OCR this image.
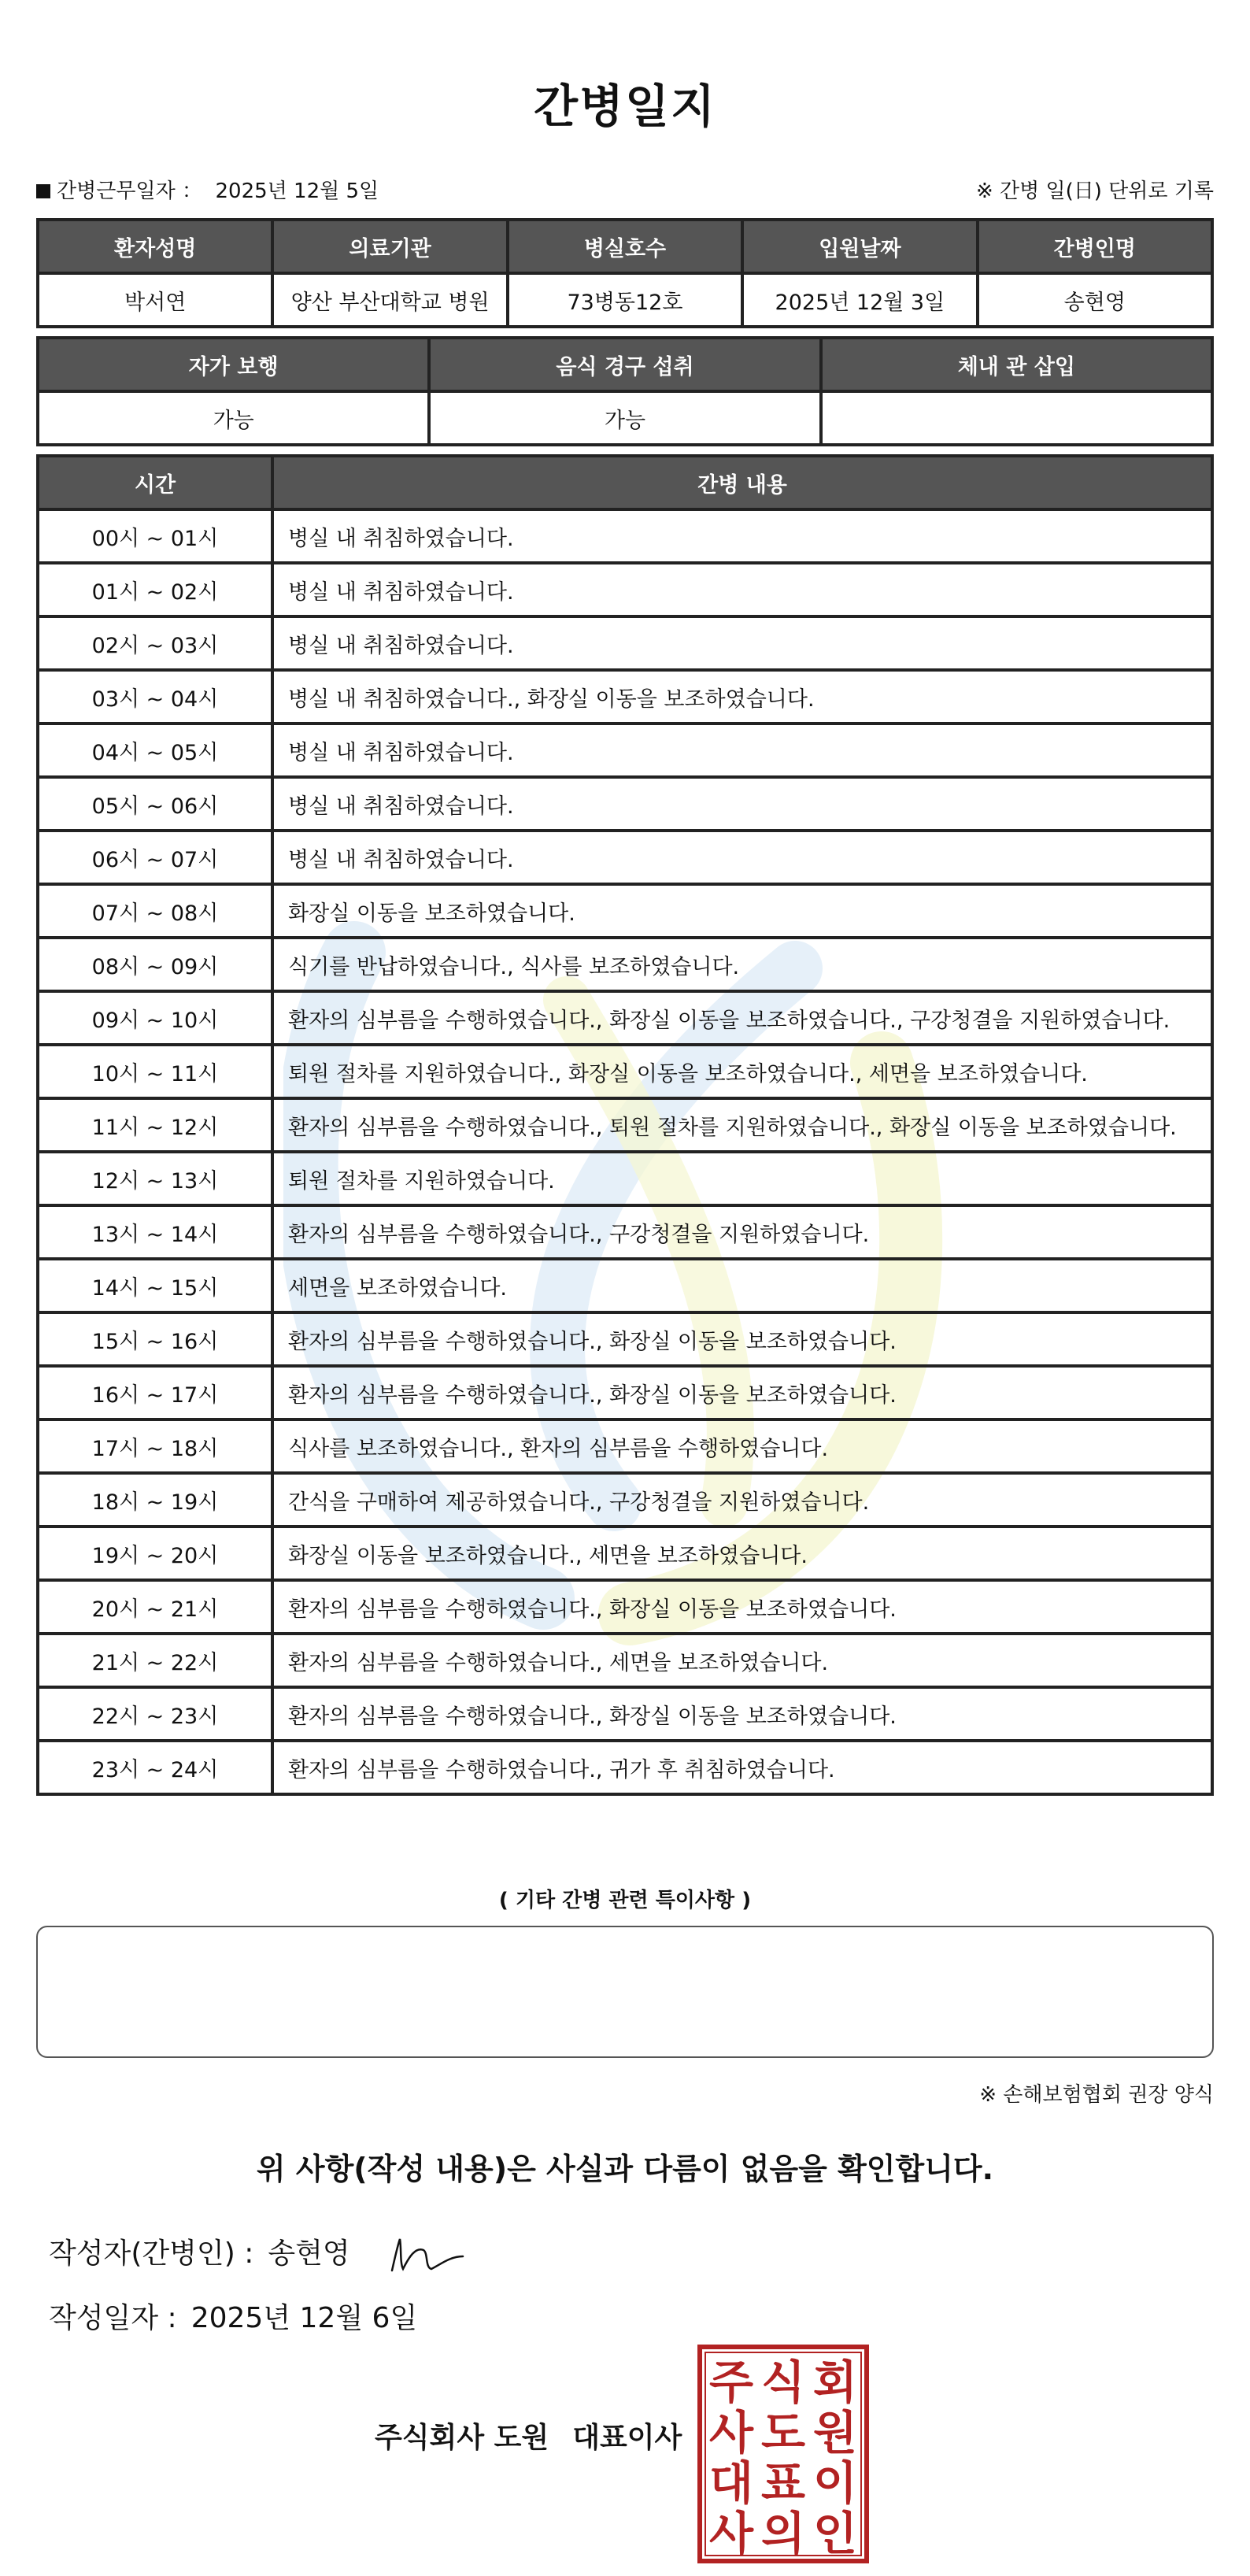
간병일지
간병근무일자 ： 2025년 12월 5일	※ 간병 일(日) 단위로 기록
환자성명	의료기관	병실호수	입원날짜	간병인명
박서연	양산 부산대학교 병원	73병동12호	2025년 12월 3일	송현영
자가 보행	음식 경구 섭취	체내 관 삽입
가능	가능	
시간	간병 내용
00시 ~ 01시	병실 내 취침하였습니다.
01시 ~ 02시	병실 내 취침하였습니다.
02시 ~ 03시	병실 내 취침하였습니다.
03시 ~ 04시	병실 내 취침하였습니다., 화장실 이동을 보조하였습니다.
04시 ~ 05시	병실 내 취침하였습니다.
05시 ~ 06시	병실 내 취침하였습니다.
06시 ~ 07시	병실 내 취침하였습니다.
07시 ~ 08시	화장실 이동을 보조하였습니다.
08시 ~ 09시	식기를 반납하였습니다., 식사를 보조하였습니다.
09시 ~ 10시	환자의 심부름을 수행하였습니다., 화장실 이동을 보조하였습니다., 구강청결을 지원하였습니다.
10시 ~ 11시	퇴원 절차를 지원하였습니다., 화장실 이동을 보조하였습니다., 세면을 보조하였습니다.
11시 ~ 12시	환자의 심부름을 수행하였습니다., 퇴원 절차를 지원하였습니다., 화장실 이동을 보조하였습니다.
12시 ~ 13시	퇴원 절차를 지원하였습니다.
13시 ~ 14시	환자의 심부름을 수행하였습니다., 구강청결을 지원하였습니다.
14시 ~ 15시	세면을 보조하였습니다.
15시 ~ 16시	환자의 심부름을 수행하였습니다., 화장실 이동을 보조하였습니다.
16시 ~ 17시	환자의 심부름을 수행하였습니다., 화장실 이동을 보조하였습니다.
17시 ~ 18시	식사를 보조하였습니다., 환자의 심부름을 수행하였습니다.
18시 ~ 19시	간식을 구매하여 제공하였습니다., 구강청결을 지원하였습니다.
19시 ~ 20시	화장실 이동을 보조하였습니다., 세면을 보조하였습니다.
20시 ~ 21시	환자의 심부름을 수행하였습니다., 화장실 이동을 보조하였습니다.
21시 ~ 22시	환자의 심부름을 수행하였습니다., 세면을 보조하였습니다.
22시 ~ 23시	환자의 심부름을 수행하였습니다., 화장실 이동을 보조하였습니다.
23시 ~ 24시	환자의 심부름을 수행하였습니다., 귀가 후 취침하였습니다.
( 기타 간병 관련 특이사항 )
※ 손해보험협회 권장 양식
위 사항(작성 내용)은 사실과 다름이 없음을 확인합니다.
작성자(간병인) : 송현영
작성일자 : 2025년 12월 6일
주식회사 도원 대표이사
주 식 회
사 도 원
대 표 이
사 의 인
